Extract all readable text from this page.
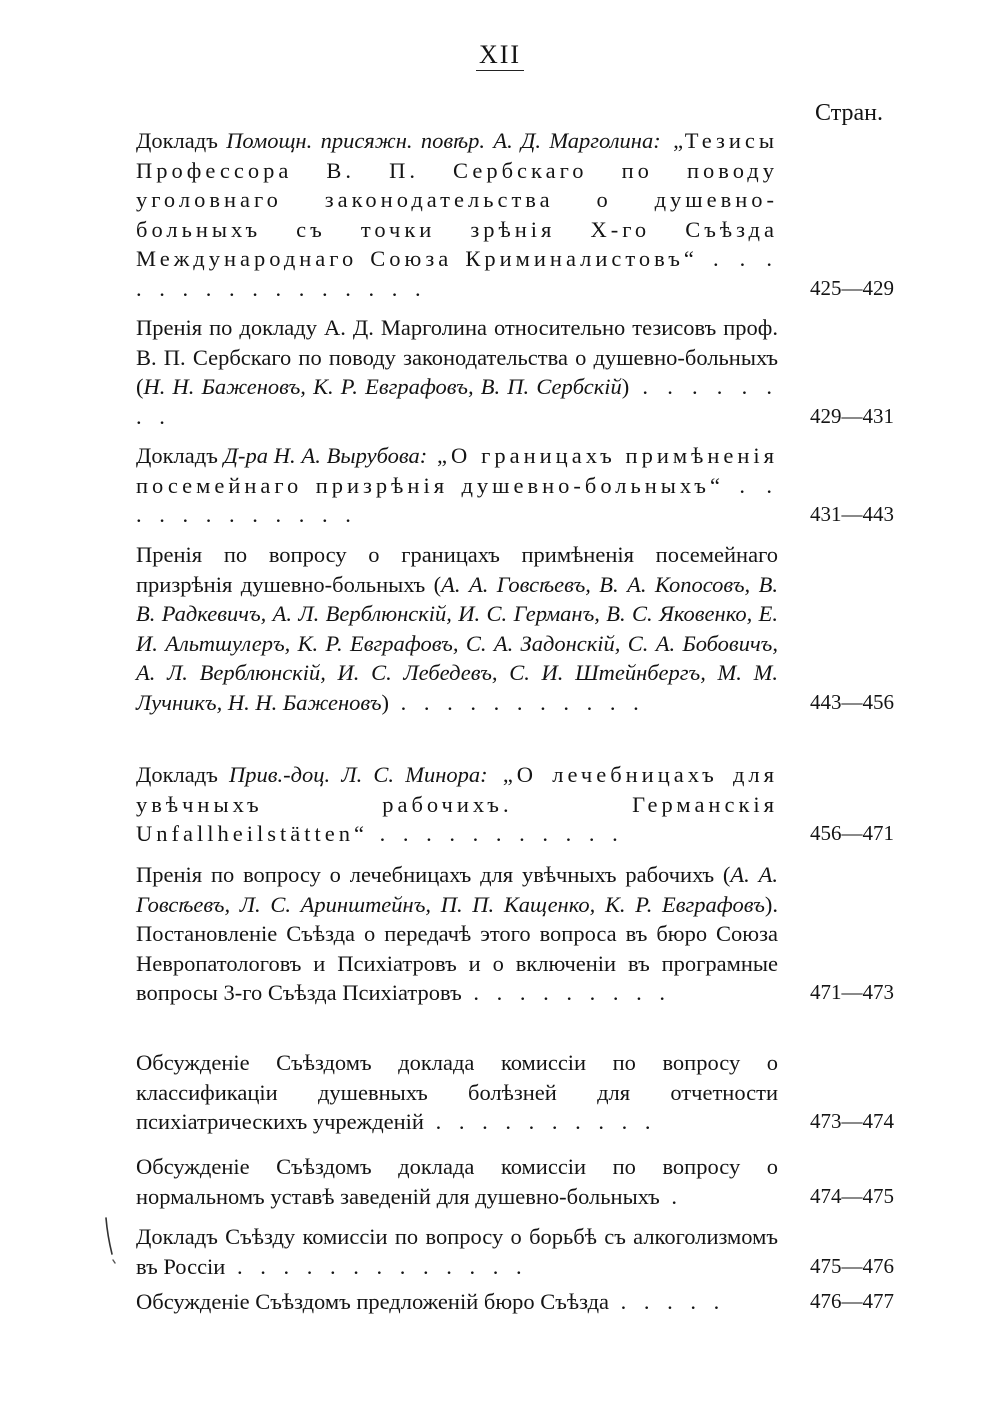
XII
Стран.
Докладъ Помощн. присяжн. повѣр. А. Д. Марголина: „Тезисы Профессора В. П. Сербскаго по поводу уголовнаго законодательства о душевно-больныхъ съ точки зрѣнія X-го Съѣзда Международнаго Союза Криминалистовъ“ . . . . . . . . . . . . . . . .	425—429
Пренія по докладу А. Д. Марголина относительно тезисовъ проф. В. П. Сербскаго по поводу законодательства о душевно-больныхъ (Н. Н. Баженовъ, К. Р. Евграфовъ, В. П. Сербскій) . . . . . . . .	429—431
Докладъ Д-ра Н. А. Вырубова: „О границахъ примѣненія посемейнаго призрѣнія душевно-больныхъ“ . . . . . . . . . . . .	431—443
Пренія по вопросу о границахъ примѣненія посемейнаго призрѣнія душевно-больныхъ (А. А. Говсѣевъ, В. А. Копосовъ, В. В. Радкевичъ, А. Л. Верблюнскій, И. С. Германъ, В. С. Яковенко, Е. И. Альтшулеръ, К. Р. Евграфовъ, С. А. Задонскій, С. А. Бобовичъ, А. Л. Верблюнскій, И. С. Лебедевъ, С. И. Штейнбергъ, М. М. Лучникъ, Н. Н. Баженовъ) . . . . . . . . . . .	443—456
Докладъ Прив.-доц. Л. С. Минора: „О лечебницахъ для увѣчныхъ рабочихъ. Германскія Unfallheilstätten“ . . . . . . . . . . .	456—471
Пренія по вопросу о лечебницахъ для увѣчныхъ рабочихъ (А. А. Говсѣевъ, Л. С. Аринштейнъ, П. П. Кащенко, К. Р. Евграфовъ). Постановленіе Съѣзда о передачѣ этого вопроса въ бюро Союза Невропатологовъ и Психіатровъ и о включеніи въ програмные вопросы 3-го Съѣзда Психіатровъ . . . . . . . . .	471—473
Обсужденіе Съѣздомъ доклада комиссіи по вопросу о классификаціи душевныхъ болѣзней для отчетности психіатрическихъ учрежденій . . . . . . . . . .	473—474
Обсужденіе Съѣздомъ доклада комиссіи по вопросу о нормальномъ уставѣ заведеній для душевно-больныхъ .	474—475
Докладъ Съѣзду комиссіи по вопросу о борьбѣ съ алкоголизмомъ въ Россіи . . . . . . . . . . . . .	475—476
Обсужденіе Съѣздомъ предложеній бюро Съѣзда . . . . .	476—477
